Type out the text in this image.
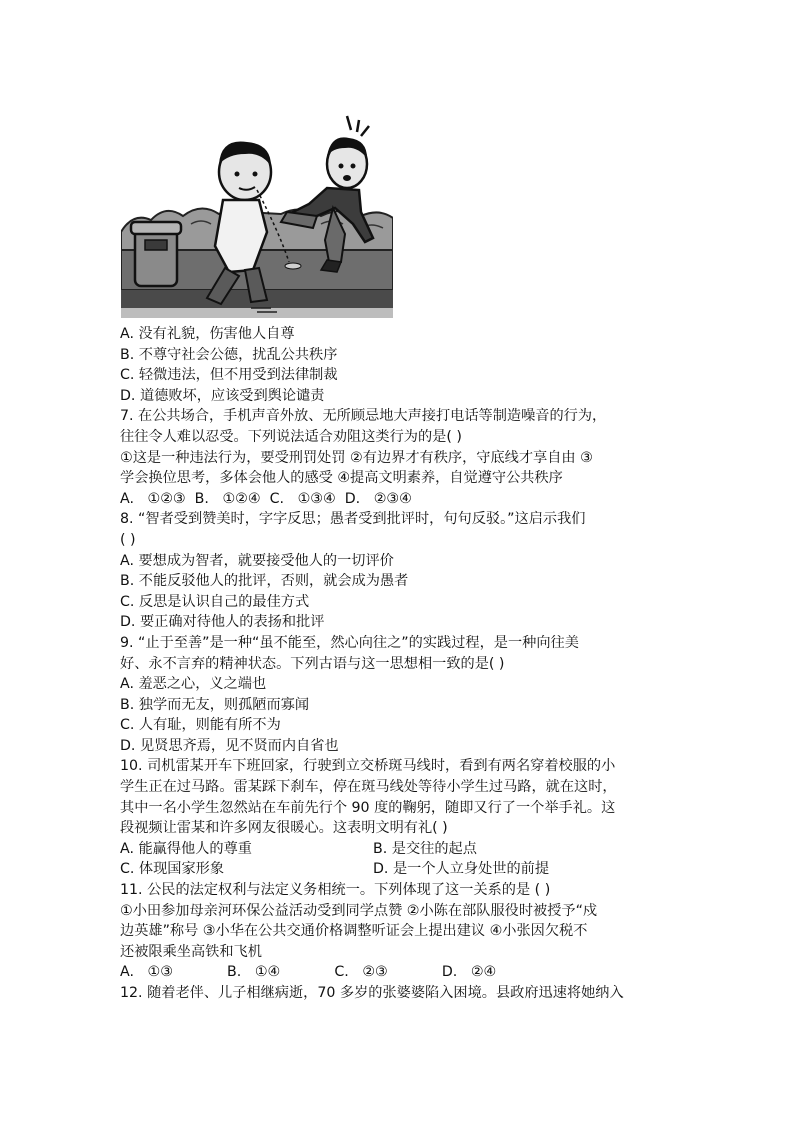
A. 没有礼貌，伤害他人自尊
B. 不尊守社会公德，扰乱公共秩序
C. 轻微违法，但不用受到法律制裁
D. 道德败坏，应该受到舆论谴责
7. 在公共场合，手机声音外放、无所顾忌地大声接打电话等制造噪音的行为，
往往令人难以忍受。下列说法适合劝阻这类行为的是( )
①这是一种违法行为，要受刑罚处罚 ②有边界才有秩序，守底线才享自由 ③
学会换位思考，多体会他人的感受 ④提高文明素养，自觉遵守公共秩序
A.   ①②③  B.   ①②④  C.   ①③④  D.   ②③④
8. “智者受到赞美时，字字反思；愚者受到批评时，句句反驳。”这启示我们
( )
A. 要想成为智者，就要接受他人的一切评价
B. 不能反驳他人的批评，否则，就会成为愚者
C. 反思是认识自己的最佳方式
D. 要正确对待他人的表扬和批评
9. “止于至善”是一种“虽不能至，然心向往之”的实践过程，是一种向往美
好、永不言弃的精神状态。下列古语与这一思想相一致的是( )
A. 羞恶之心，义之端也
B. 独学而无友，则孤陋而寡闻
C. 人有耻，则能有所不为
D. 见贤思齐焉，见不贤而内自省也
10. 司机雷某开车下班回家，行驶到立交桥斑马线时，看到有两名穿着校服的小
学生正在过马路。雷某踩下刹车，停在斑马线处等待小学生过马路，就在这时，
其中一名小学生忽然站在车前先行个 90 度的鞠躬，随即又行了一个举手礼。这
段视频让雷某和许多网友很暖心。这表明文明有礼( )
A. 能赢得他人的尊重	B. 是交往的起点
C. 体现国家形象	D. 是一个人立身处世的前提
11. 公民的法定权利与法定义务相统一。下列体现了这一关系的是 ( )
①小田参加母亲河环保公益活动受到同学点赞 ②小陈在部队服役时被授予“戍
边英雄”称号 ③小华在公共交通价格调整听证会上提出建议 ④小张因欠税不
还被限乘坐高铁和飞机
A.   ①③            B.   ①④            C.   ②③            D.   ②④
12. 随着老伴、儿子相继病逝，70 多岁的张婆婆陷入困境。县政府迅速将她纳入
